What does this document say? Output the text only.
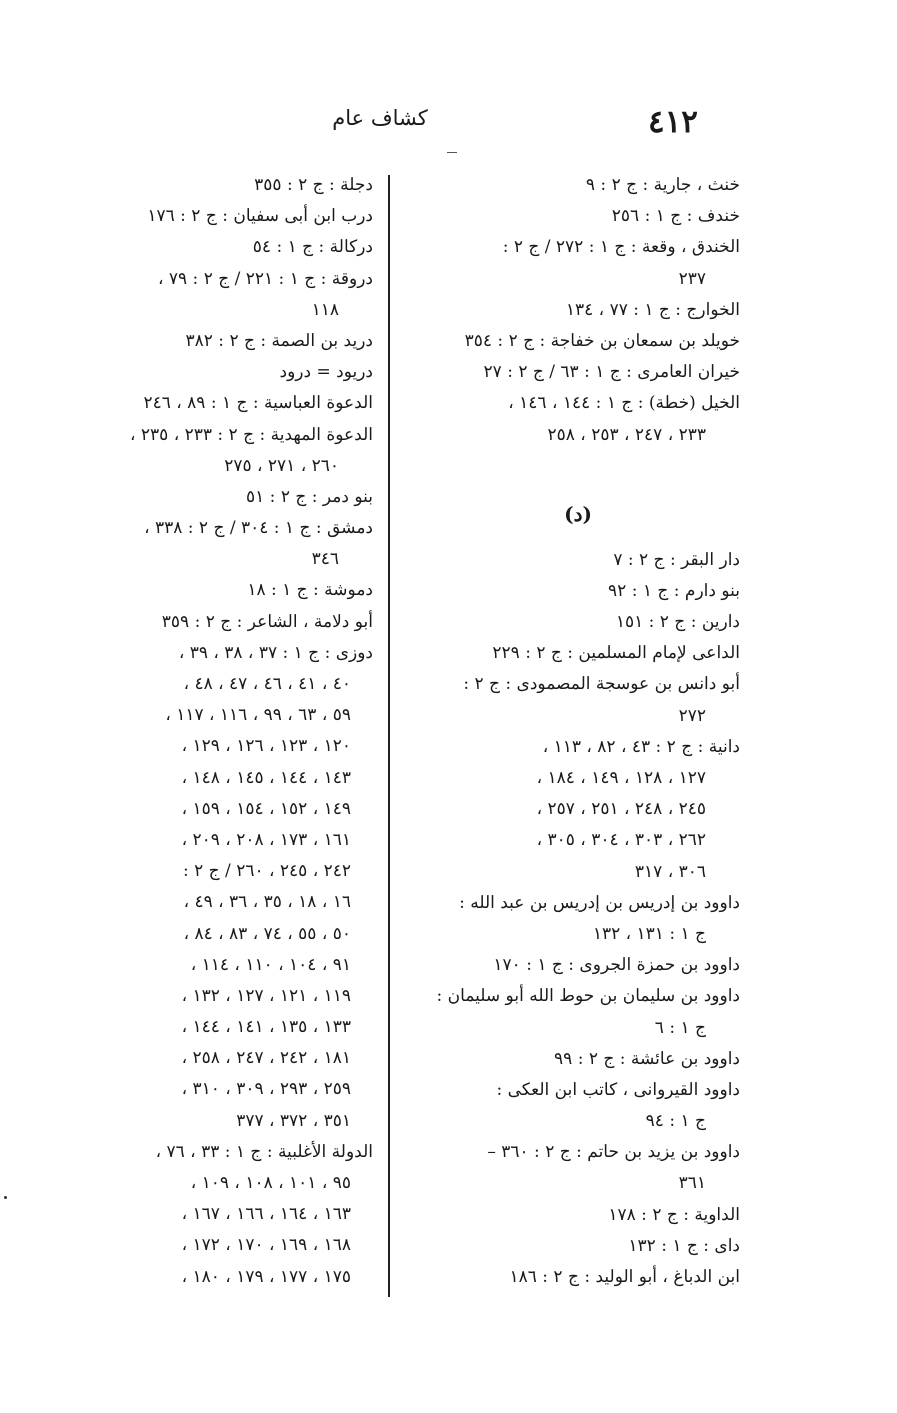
٤١٢
كشاف عام
خنث ، جارية : ج ٢ : ٩
خندف : ج ١ : ٢٥٦
الخندق ، وقعة : ج ١ : ٢٧٢ / ج ٢ :
٢٣٧
الخوارج : ج ١ : ٧٧ ، ١٣٤
خويلد بن سمعان بن خفاجة : ج ٢ : ٣٥٤
خيران العامرى : ج ١ : ٦٣ / ج ٢ : ٢٧
الخيل (خطة) : ج ١ : ١٤٤ ، ١٤٦ ،
٢٣٣ ، ٢٤٧ ، ٢٥٣ ، ٢٥٨
(د)
دار البقر : ج ٢ : ٧
بنو دارم : ج ١ : ٩٢
دارين : ج ٢ : ١٥١
الداعى لإمام المسلمين : ج ٢ : ٢٢٩
أبو دانس بن عوسجة المصمودى : ج ٢ :
٢٧٢
دانية : ج ٢ : ٤٣ ، ٨٢ ، ١١٣ ،
١٢٧ ، ١٢٨ ، ١٤٩ ، ١٨٤ ،
٢٤٥ ، ٢٤٨ ، ٢٥١ ، ٢٥٧ ،
٢٦٢ ، ٣٠٣ ، ٣٠٤ ، ٣٠٥ ،
٣٠٦ ، ٣١٧
داوود بن إدريس بن إدريس بن عبد الله :
ج ١ : ١٣١ ، ١٣٢
داوود بن حمزة الجروى : ج ١ : ١٧٠
داوود بن سليمان بن حوط الله أبو سليمان :
ج ١ : ٦
داوود بن عائشة : ج ٢ : ٩٩
داوود القيروانى ، كاتب ابن العكى :
ج ١ : ٩٤
داوود بن يزيد بن حاتم : ج ٢ : ٣٦٠ –
٣٦١
الداوية : ج ٢ : ١٧٨
داى : ج ١ : ١٣٢
ابن الدباغ ، أبو الوليد : ج ٢ : ١٨٦
دجلة : ج ٢ : ٣٥٥
درب ابن أبى سفيان : ج ٢ : ١٧٦
دركالة : ج ١ : ٥٤
دروقة : ج ١ : ٢٢١ / ج ٢ : ٧٩ ،
١١٨
دريد بن الصمة : ج ٢ : ٣٨٢
دريود = درود
الدعوة العباسية : ج ١ : ٨٩ ، ٢٤٦
الدعوة المهدية : ج ٢ : ٢٣٣ ، ٢٣٥ ،
٢٦٠ ، ٢٧١ ، ٢٧٥
بنو دمر : ج ٢ : ٥١
دمشق : ج ١ : ٣٠٤ / ج ٢ : ٣٣٨ ،
٣٤٦
دموشة : ج ١ : ١٨
أبو دلامة ، الشاعر : ج ٢ : ٣٥٩
دوزى : ج ١ : ٣٧ ، ٣٨ ، ٣٩ ،
٤٠ ، ٤١ ، ٤٦ ، ٤٧ ، ٤٨ ،
٥٩ ، ٦٣ ، ٩٩ ، ١١٦ ، ١١٧ ،
١٢٠ ، ١٢٣ ، ١٢٦ ، ١٢٩ ،
١٤٣ ، ١٤٤ ، ١٤٥ ، ١٤٨ ،
١٤٩ ، ١٥٢ ، ١٥٤ ، ١٥٩ ،
١٦١ ، ١٧٣ ، ٢٠٨ ، ٢٠٩ ،
٢٤٢ ، ٢٤٥ ، ٢٦٠ / ج ٢ :
١٦ ، ١٨ ، ٣٥ ، ٣٦ ، ٤٩ ،
٥٠ ، ٥٥ ، ٧٤ ، ٨٣ ، ٨٤ ،
٩١ ، ١٠٤ ، ١١٠ ، ١١٤ ،
١١٩ ، ١٢١ ، ١٢٧ ، ١٣٢ ،
١٣٣ ، ١٣٥ ، ١٤١ ، ١٤٤ ،
١٨١ ، ٢٤٢ ، ٢٤٧ ، ٢٥٨ ،
٢٥٩ ، ٢٩٣ ، ٣٠٩ ، ٣١٠ ،
٣٥١ ، ٣٧٢ ، ٣٧٧
الدولة الأغلبية : ج ١ : ٣٣ ، ٧٦ ،
٩٥ ، ١٠١ ، ١٠٨ ، ١٠٩ ،
١٦٣ ، ١٦٤ ، ١٦٦ ، ١٦٧ ،
١٦٨ ، ١٦٩ ، ١٧٠ ، ١٧٢ ،
١٧٥ ، ١٧٧ ، ١٧٩ ، ١٨٠ ،
